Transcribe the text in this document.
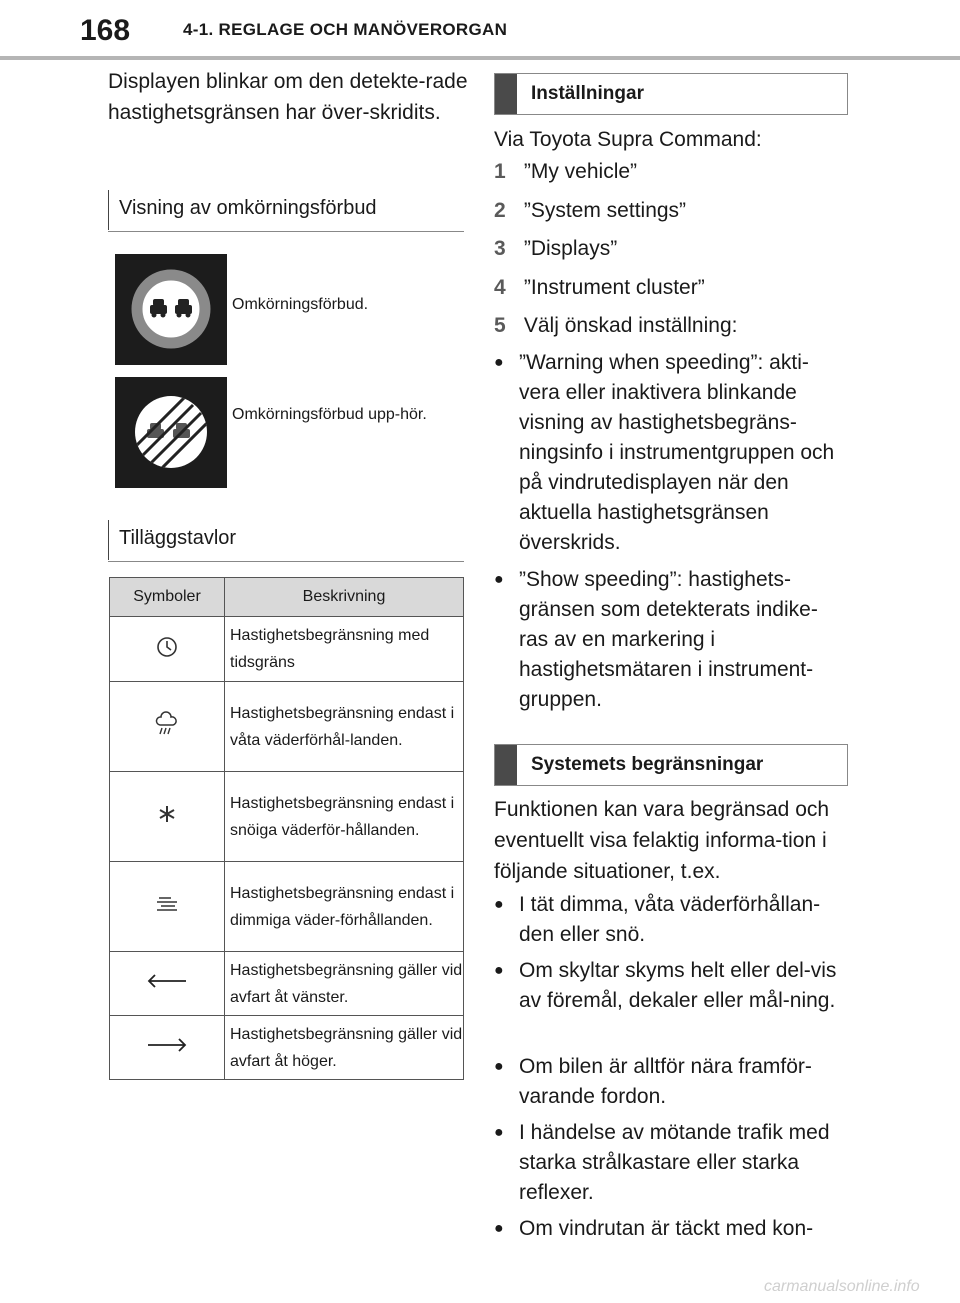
168	4-1. REGLAGE OCH MANÖVERORGAN
Displayen blinkar om den detekte-rade hastighetsgränsen har över-skridits.
Visning av omkörningsförbud
Omkörningsförbud.
Omkörningsförbud upp-hör.
Tilläggstavlor
Symboler	Beskrivning
	Hastighetsbegränsning med tidsgräns
	Hastighetsbegränsning endast i våta väderförhål-landen.
	Hastighetsbegränsning endast i snöiga väderför-hållanden.
	Hastighetsbegränsning endast i dimmiga väder-förhållanden.
	Hastighetsbegränsning gäller vid avfart åt vänster.
	Hastighetsbegränsning gäller vid avfart åt höger.
Inställningar
Via Toyota Supra Command:
1 ”My vehicle”
2 ”System settings”
3 ”Displays”
4 ”Instrument cluster”
5 Välj önskad inställning:
● ”Warning when speeding”: akti-vera eller inaktivera blinkande visning av hastighetsbegräns-ningsinfo i instrumentgruppen och på vindrutedisplayen när den aktuella hastighetsgränsen överskrids.
● ”Show speeding”: hastighets-gränsen som detekterats indike-ras av en markering i hastighetsmätaren i instrument-gruppen.
Systemets begränsningar
Funktionen kan vara begränsad och eventuellt visa felaktig informa-tion i följande situationer, t.ex.
● I tät dimma, våta väderförhållan-den eller snö.
● Om skyltar skyms helt eller del-vis av föremål, dekaler eller mål-ning.
● Om bilen är alltför nära framför-varande fordon.
● I händelse av mötande trafik med starka strålkastare eller starka reflexer.
● Om vindrutan är täckt med kon-
carmanualsonline.info
